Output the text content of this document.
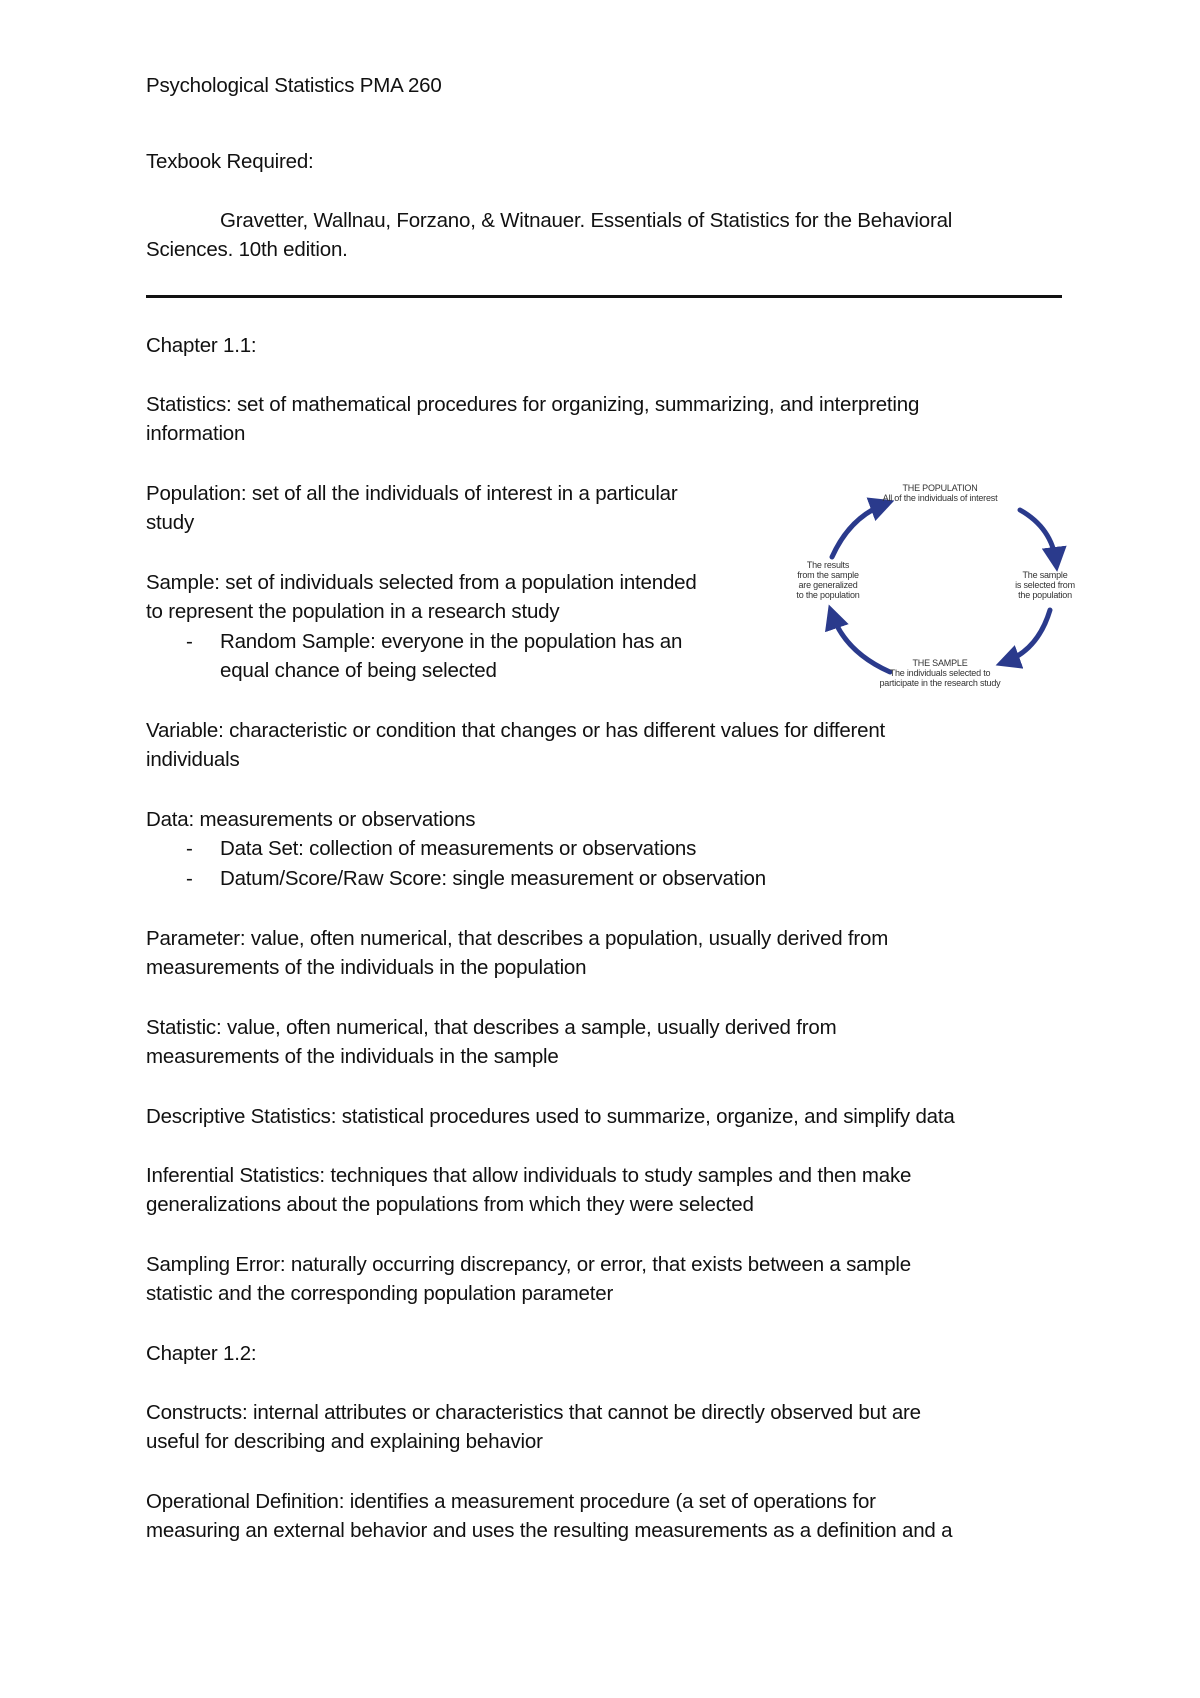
Psychological Statistics PMA 260
Texbook Required:
Gravetter, Wallnau, Forzano, & Witnauer. Essentials of Statistics for the Behavioral
Sciences. 10th edition.
Chapter 1.1:
Statistics: set of mathematical procedures for organizing, summarizing, and interpreting
information
Population: set of all the individuals of interest in a particular
study
Sample: set of individuals selected from a population intended
to represent the population in a research study
- Random Sample: everyone in the population has an
equal chance of being selected
Variable: characteristic or condition that changes or has different values for different
individuals
Data: measurements or observations
- Data Set: collection of measurements or observations
- Datum/Score/Raw Score: single measurement or observation
Parameter: value, often numerical, that describes a population, usually derived from
measurements of the individuals in the population
Statistic: value, often numerical, that describes a sample, usually derived from
measurements of the individuals in the sample
Descriptive Statistics: statistical procedures used to summarize, organize, and simplify data
Inferential Statistics: techniques that allow individuals to study samples and then make
generalizations about the populations from which they were selected
Sampling Error: naturally occurring discrepancy, or error, that exists between a sample
statistic and the corresponding population parameter
Chapter 1.2:
Constructs: internal attributes or characteristics that cannot be directly observed but are
useful for describing and explaining behavior
Operational Definition: identifies a measurement procedure (a set of operations for
measuring an external behavior and uses the resulting measurements as a definition and a
THE POPULATION
All of the individuals of interest
The sample
is selected from
the population
THE SAMPLE
The individuals selected to
participate in the research study
The results
from the sample
are generalized
to the population
